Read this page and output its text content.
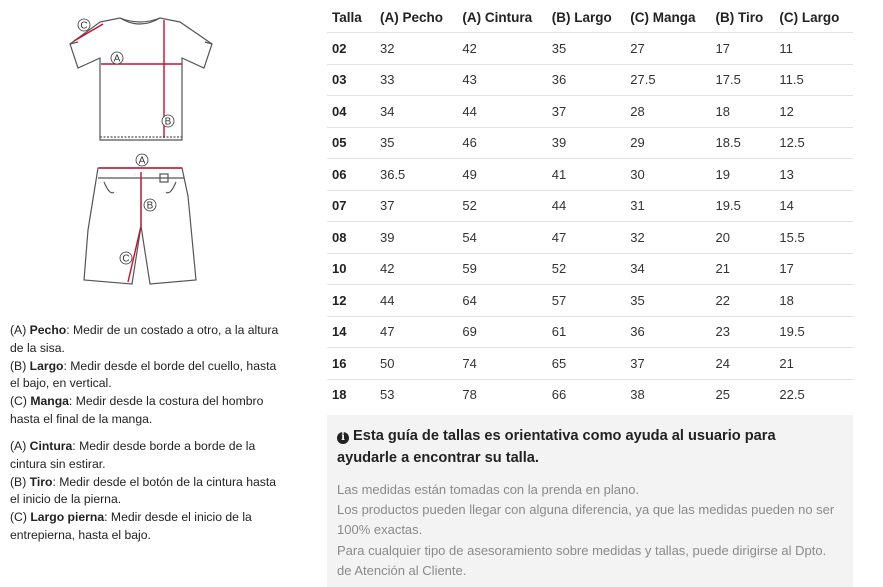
C
A
B
A
B
C

(A) Pecho: Medir de un costado a otro, a la altura de la sisa.

(B) Largo: Medir desde el borde del cuello, hasta el bajo, en vertical.

(C) Manga: Medir desde la costura del hombro hasta el final de la manga.

(A) Cintura: Medir desde borde a borde de la cintura sin estirar.

(B) Tiro: Medir desde el botón de la cintura hasta el inicio de la pierna.

(C) Largo pierna: Medir desde el inicio de la entrepierna, hasta el bajo.

Talla	(A) Pecho	(A) Cintura	(B) Largo	(C) Manga	(B) Tiro	(C) Largo
02	32	42	35	27	17	11
03	33	43	36	27.5	17.5	11.5
04	34	44	37	28	18	12
05	35	46	39	29	18.5	12.5
06	36.5	49	41	30	19	13
07	37	52	44	31	19.5	14
08	39	54	47	32	20	15.5
10	42	59	52	34	21	17
12	44	64	57	35	22	18
14	47	69	61	36	23	19.5
16	50	74	65	37	24	21
18	53	78	66	38	25	22.5
i Esta guía de tallas es orientativa como ayuda al usuario para ayudarle a encontrar su talla.

Las medidas están tomadas con la prenda en plano.

Los productos pueden llegar con alguna diferencia, ya que las medidas pueden no ser 100% exactas.

Para cualquier tipo de asesoramiento sobre medidas y tallas, puede dirigirse al Dpto. de Atención al Cliente.
